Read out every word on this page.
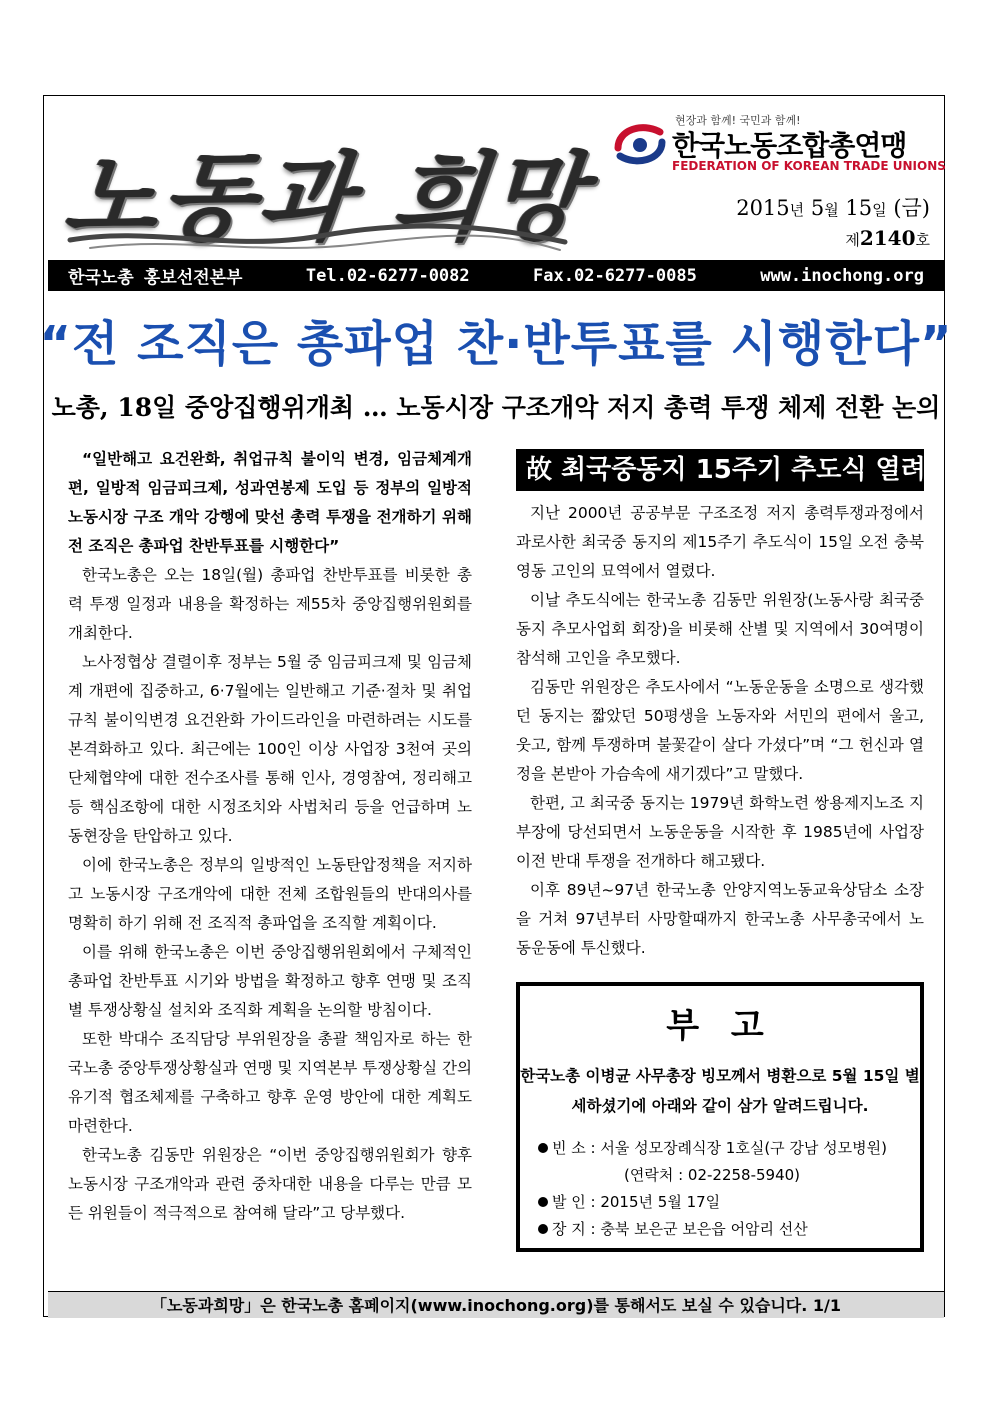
노동과 희망
현장과 함께! 국민과 함께!
한국노동조합총연맹
FEDERATION OF KOREAN TRADE UNIONS
2015년 5월 15일 (금)
제2140호
한국노총 홍보선전본부	Tel.02-6277-0082	Fax.02-6277-0085	www.inochong.org
“전 조직은 총파업 찬·반투표를 시행한다”
노총, 18일 중앙집행위개최 … 노동시장 구조개악 저지 총력 투쟁 체제 전환 논의

“일반해고 요건완화, 취업규칙 불이익 변경, 임금체계개편, 일방적 임금피크제, 성과연봉제 도입 등 정부의 일방적 노동시장 구조 개악 강행에 맞선 총력 투쟁을 전개하기 위해 전 조직은 총파업 찬반투표를 시행한다”

한국노총은 오는 18일(월) 총파업 찬반투표를 비롯한 총력 투쟁 일정과 내용을 확정하는 제55차 중앙집행위원회를 개최한다.

노사정협상 결렬이후 정부는 5월 중 임금피크제 및 임금체계 개편에 집중하고, 6·7월에는 일반해고 기준·절차 및 취업규칙 불이익변경 요건완화 가이드라인을 마련하려는 시도를 본격화하고 있다. 최근에는 100인 이상 사업장 3천여 곳의 단체협약에 대한 전수조사를 통해 인사, 경영참여, 정리해고 등 핵심조항에 대한 시정조치와 사법처리 등을 언급하며 노동현장을 탄압하고 있다.

이에 한국노총은 정부의 일방적인 노동탄압정책을 저지하고 노동시장 구조개악에 대한 전체 조합원들의 반대의사를 명확히 하기 위해 전 조직적 총파업을 조직할 계획이다.

이를 위해 한국노총은 이번 중앙집행위원회에서 구체적인 총파업 찬반투표 시기와 방법을 확정하고 향후 연맹 및 조직별 투쟁상황실 설치와 조직화 계획을 논의할 방침이다.

또한 박대수 조직담당 부위원장을 총괄 책임자로 하는 한국노총 중앙투쟁상황실과 연맹 및 지역본부 투쟁상황실 간의 유기적 협조체제를 구축하고 향후 운영 방안에 대한 계획도 마련한다.

한국노총 김동만 위원장은 “이번 중앙집행위원회가 향후 노동시장 구조개악과 관련 중차대한 내용을 다루는 만큼 모든 위원들이 적극적으로 참여해 달라”고 당부했다.

故 최국중동지 15주기 추도식 열려

지난 2000년 공공부문 구조조정 저지 총력투쟁과정에서 과로사한 최국중 동지의 제15주기 추도식이 15일 오전 충북 영동 고인의 묘역에서 열렸다.

이날 추도식에는 한국노총 김동만 위원장(노동사랑 최국중 동지 추모사업회 회장)을 비롯해 산별 및 지역에서 30여명이 참석해 고인을 추모했다.

김동만 위원장은 추도사에서 “노동운동을 소명으로 생각했던 동지는 짧았던 50평생을 노동자와 서민의 편에서 울고, 웃고, 함께 투쟁하며 불꽃같이 살다 가셨다”며 “그 헌신과 열정을 본받아 가슴속에 새기겠다”고 말했다.

한편, 고 최국중 동지는 1979년 화학노련 쌍용제지노조 지부장에 당선되면서 노동운동을 시작한 후 1985년에 사업장 이전 반대 투쟁을 전개하다 해고됐다.

이후 89년~97년 한국노총 안양지역노동교육상담소 소장을 거쳐 97년부터 사망할때까지 한국노총 사무총국에서 노동운동에 투신했다.

부 고
한국노총 이병균 사무총장 빙모께서 병환으로 5월 15일 별세하셨기에 아래와 같이 삼가 알려드립니다.
빈 소 : 서울 성모장례식장 1호실(구 강남 성모병원)
(연락처 : 02-2258-5940)
발 인 : 2015년 5월 17일
장 지 : 충북 보은군 보은읍 어암리 선산
「노동과희망」은 한국노총 홈페이지(www.inochong.org)를 통해서도 보실 수 있습니다. 1/1
